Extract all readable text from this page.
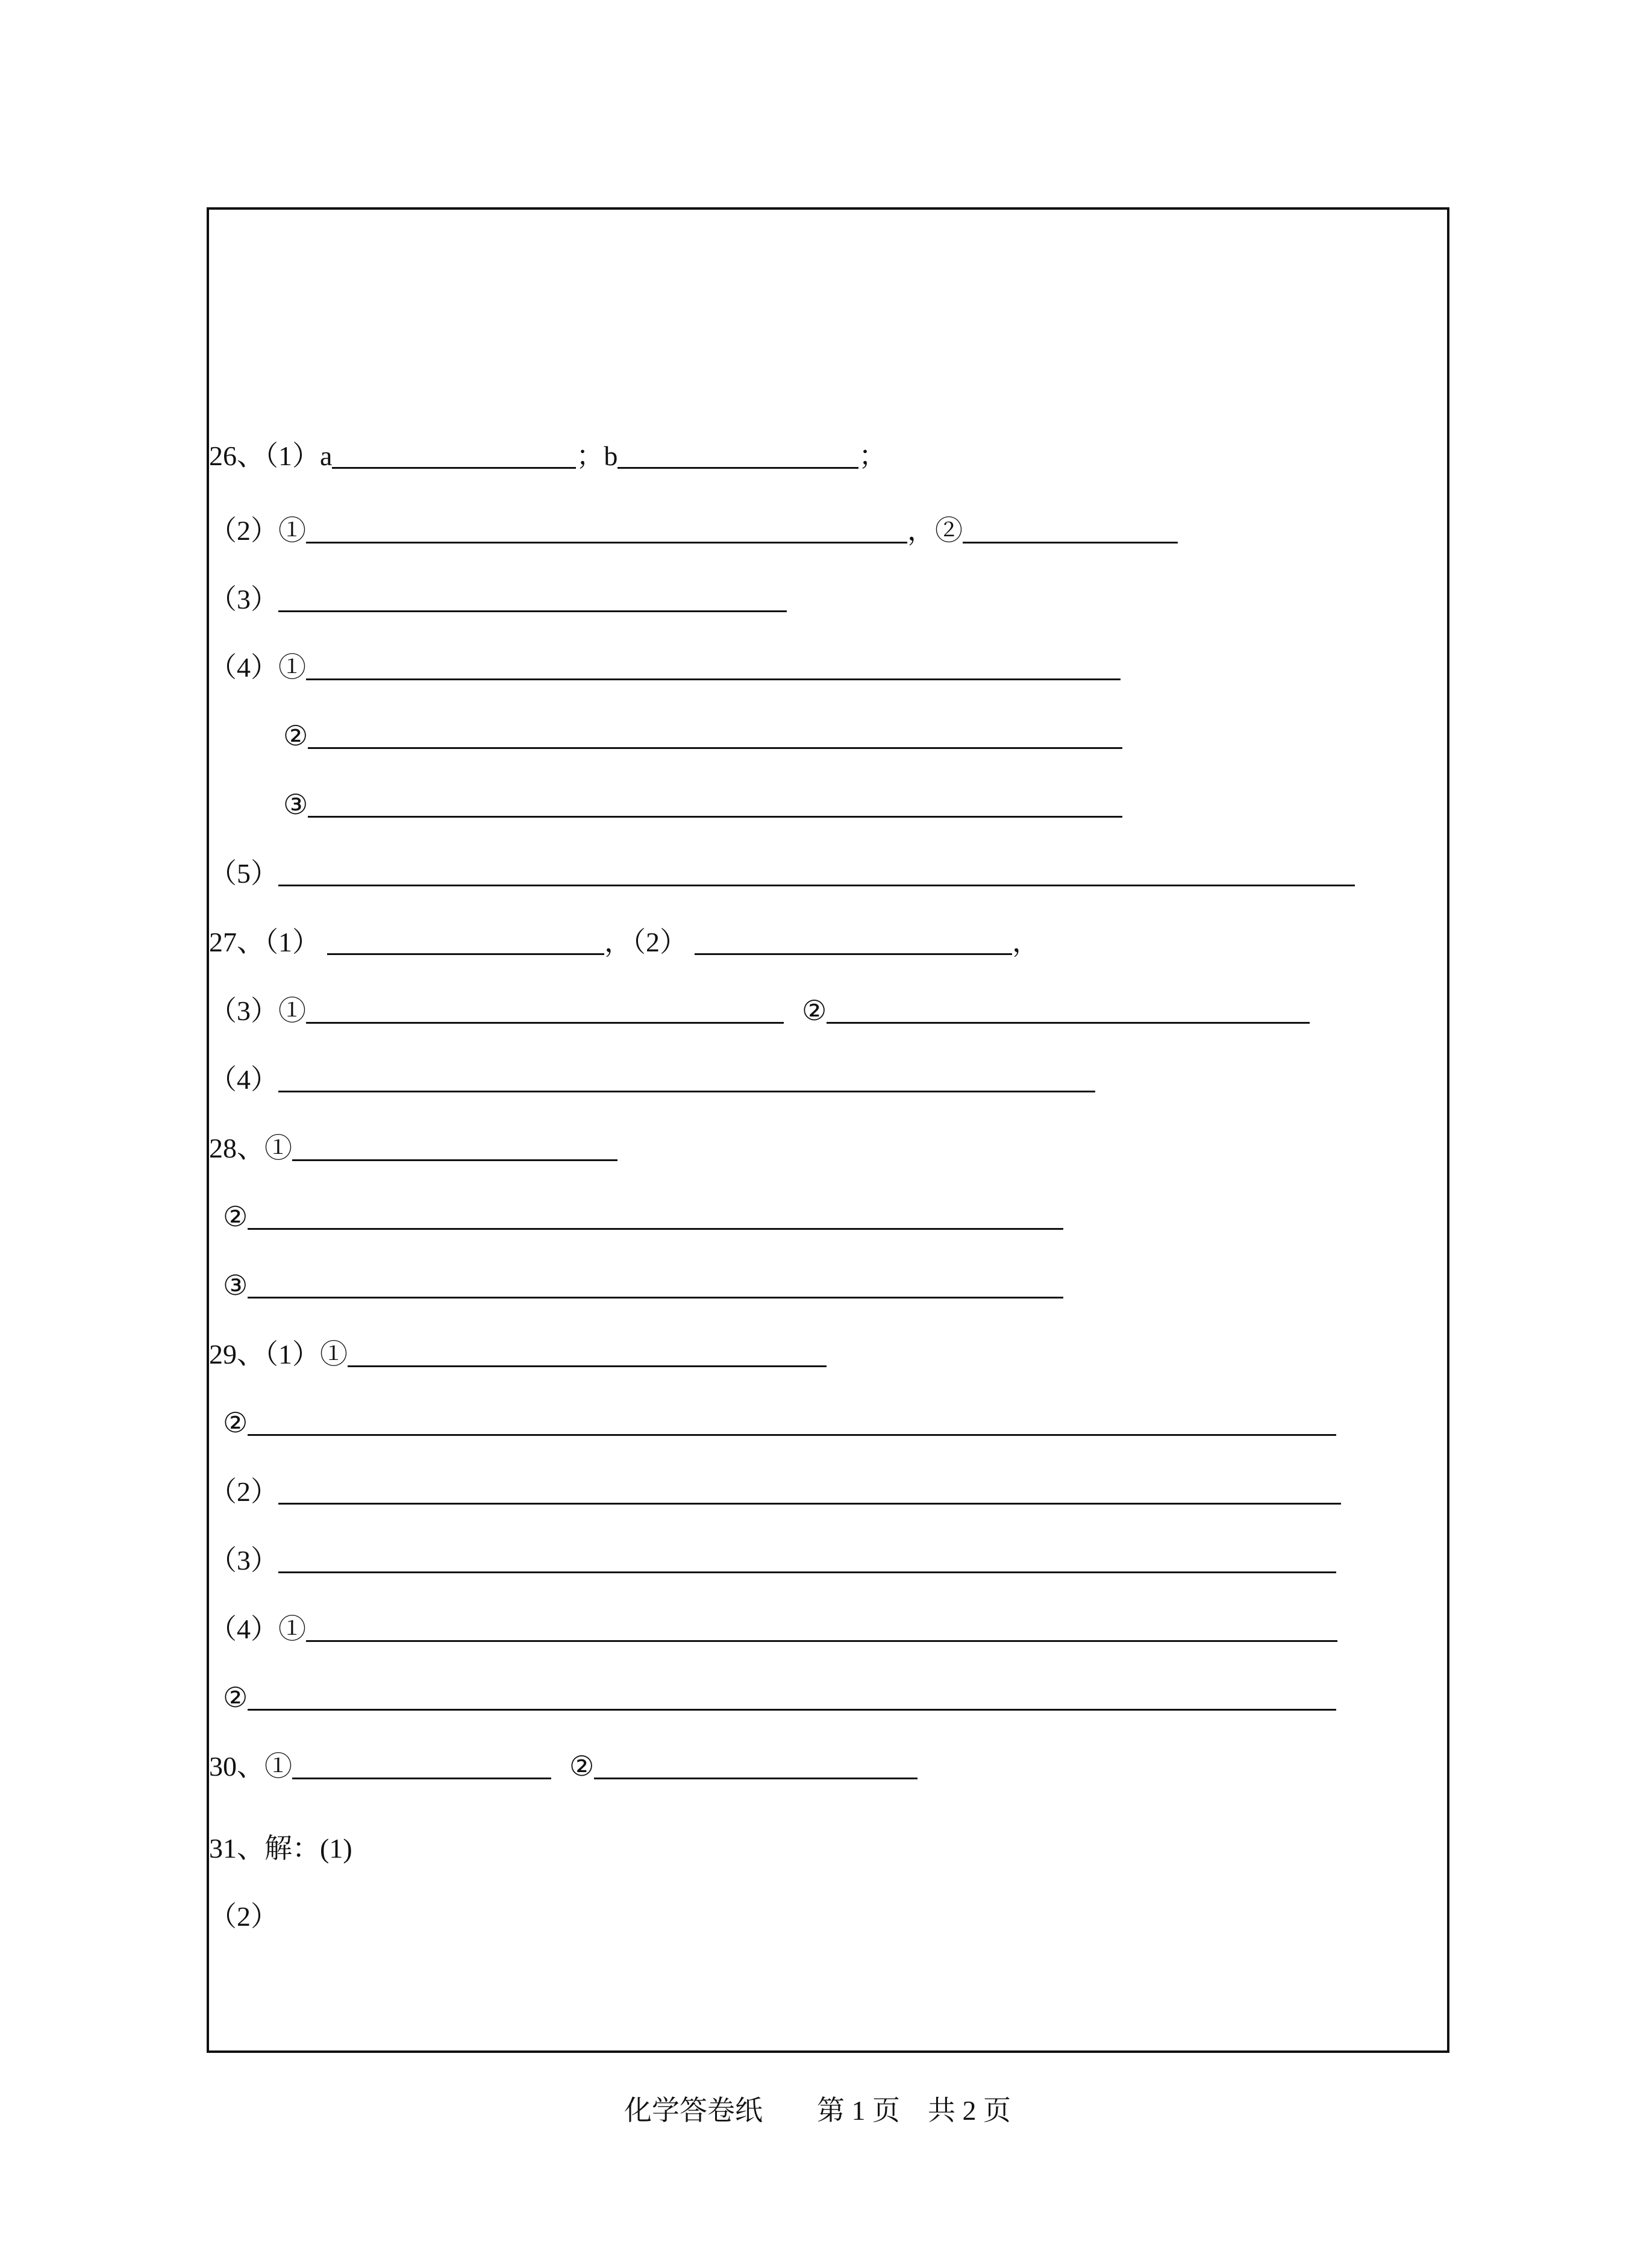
26、（1）a	；b	；
（2）①	，②
（3）
（4）①
②
③
（5）
27、（1）	，（2）	，
（3）①	②
（4）
28、①
②
③
29、（1）①
②
（2）
（3）
（4）①
②
30、①	②
31、解：(1)
（2）
化学答卷纸 第 1 页 共 2 页
